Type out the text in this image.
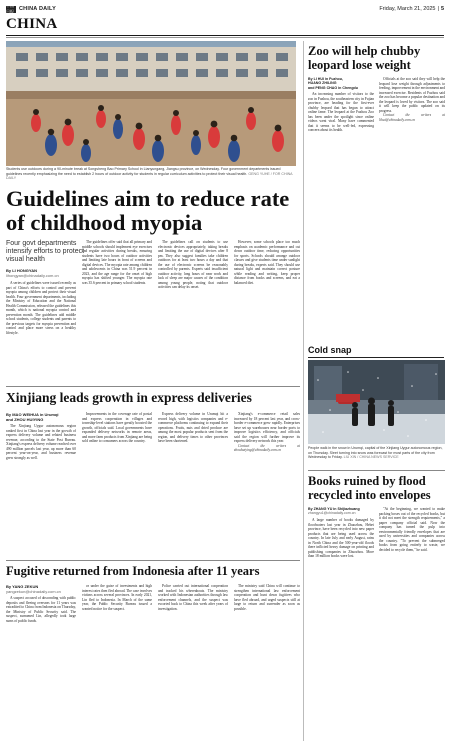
中国日报 CHINA DAILY	Friday, March 21, 2025 | 5
CHINA
Students use outdoors during a 90-minute break at Songsheng Bao Primary School in Lianyungang, Jiangsu province, on Wednesday. Four government departments issued guidelines recently emphasizing the need to establish 2 hours of outdoor activity for students in regular curriculum activities to protect their visual health. GENG YUHE / FOR CHINA DAILY
Guidelines aim to reduce rate of childhood myopia
Four govt departments intensify efforts to protect visual health
By LI HONGYAN
lihongyan@chinadaily.com.cn

A series of guidelines were issued recently as part of China's efforts to control and prevent myopia among children and protect their visual health. Four government departments, including the Ministry of Education and the National Health Commission, released the guidelines this month, which is national myopia control and prevention month. The guidelines add middle school students, college students and parents to the previous targets for myopia prevention and control and place more stress on a healthy lifestyle.

The guidelines offer said that all primary and middle schools should implement eye exercises and regular activities during breaks, ensuring students have two hours of outdoor activities and limiting late hours in front of screens and digital devices. The myopia rate among children and adolescents in China was 51.9 percent in 2023, and the age range for the onset of high myopia has shifted younger. The myopia rate was 35.6 percent in primary school students.

The guidelines call on students to use electronic devices appropriately, taking breaks and limiting the use of digital devices after 8 pm. They also suggest families take children outdoors for at least two hours a day and that the use of electronic screens be reasonably controlled by parents. Experts said insufficient outdoor activity, long hours of near work and lack of sleep are major causes of the condition among young people, noting that outdoor activities can delay its onset.

However, some schools place too much emphasis on academic performance and cut down outdoor time, reducing opportunities for sports. Schools should arrange outdoor classes and give students time under sunlight during breaks, experts said. They should use natural light and maintain correct posture while reading and writing, keep proper distance from books and screens, and eat a balanced diet.

Xinjiang leads growth in express deliveries
By MAO WEIHUA in Urumqi
and ZHOU HUIYING

The Xinjiang Uygur autonomous region ranked first in China last year in the growth of express delivery volume and related business revenue, according to the State Post Bureau. Xinjiang's express delivery volume reached over 490 million parcels last year, up more than 60 percent year-on-year, and business revenue grew strongly as well.

Improvements in the coverage rate of postal and express cooperation in villages and township-level stations have greatly boosted the growth, officials said. Local governments have expanded delivery networks in remote areas, and more farm products from Xinjiang are being sold online to consumers across the country.

Express delivery volume in Urumqi hit a record high, with logistics companies and e-commerce platforms continuing to expand their operations. Fruits, nuts and dried produce are among the most popular products sent from the region, and delivery times to other provinces have been shortened.

Xinjiang's e-commerce retail sales increased by 18 percent last year, and cross-border e-commerce grew rapidly. Enterprises have set up warehouses near border ports to improve logistics efficiency, and officials said the region will further improve its express delivery network this year.

Contact the writers at zhouhuiying@chinadaily.com.cn

Fugitive returned from Indonesia after 11 years
By YANG ZEKUN
yangzekun@chinadaily.com.cn

A suspect accused of absconding with public deposits and fleeing overseas for 11 years was extradited to China from Indonesia on Thursday, the Ministry of Public Security said. The suspect, surnamed Lin, allegedly took large sums of public funds.

or under the guise of investments and high interest rates then fled abroad. The case involves victims across several provinces. In early 2021, Lin fled to Indonesia. In March of the same year, the Public Security Bureau issued a wanted notice for the suspect.

Police carried out international cooperation and tracked his whereabouts. The ministry worked with Indonesian authorities through law enforcement channels, and the suspect was escorted back to China this week after years of investigation.

The ministry said China will continue to strengthen international law enforcement cooperation and hunt down fugitives who have fled abroad, and urged suspects still at large to return and surrender as soon as possible.

Zoo will help chubby leopard lose weight
By LI HUI in Fuzhou,
HUANG ZHILING
and PENG CHAO in Chengdu

An increasing number of visitors to the zoo in Fuzhou, the southeastern city in Fujian province, are heading for the first-ever chubby leopard that has begun to attract online fame. The leopard at the Fuzhou Zoo has been under the spotlight since online videos went viral. Many have commented that it seems to be well-fed, expressing concern about its health.

Officials at the zoo said they will help the leopard lose weight through adjustments to feeding, improvement in the environment and increased exercise. Residents of Fuzhou said the zoo has become a popular destination and the leopard is loved by visitors. The zoo said it will keep the public updated on its progress.

Contact the writers at lihui@chinadaily.com.cn

Cold snap
People walk in the snow in Urumqi, capital of the Xinjiang Uygur autonomous region, on Thursday. Sleet turning into snow was forecast for most parts of the city from Wednesday to Friday. LIU XIN / CHINA NEWS SERVICE
Books ruined by flood recycled into envelopes
By ZHANG YU in Shijiazhuang
zhangyu1@chinadaily.com.cn

A large number of books damaged by floodwaters last year in Zhuozhou, Hebei province, have been recycled into new paper products that are being used across the country. In late July and early August, rains in North China and the 500-year-old floods there inflicted heavy damage on printing and publishing companies in Zhuozhou. More than 18 million books were lost.

"At the beginning, we wanted to make packing boxes out of the recycled books, but it did not meet the strength requirements," a paper company official said. Now the company has turned the pulp into environmentally friendly envelopes that are used by universities and companies across the country. "To prevent the submerged books from going entirely to waste, we decided to recycle them," he said.
